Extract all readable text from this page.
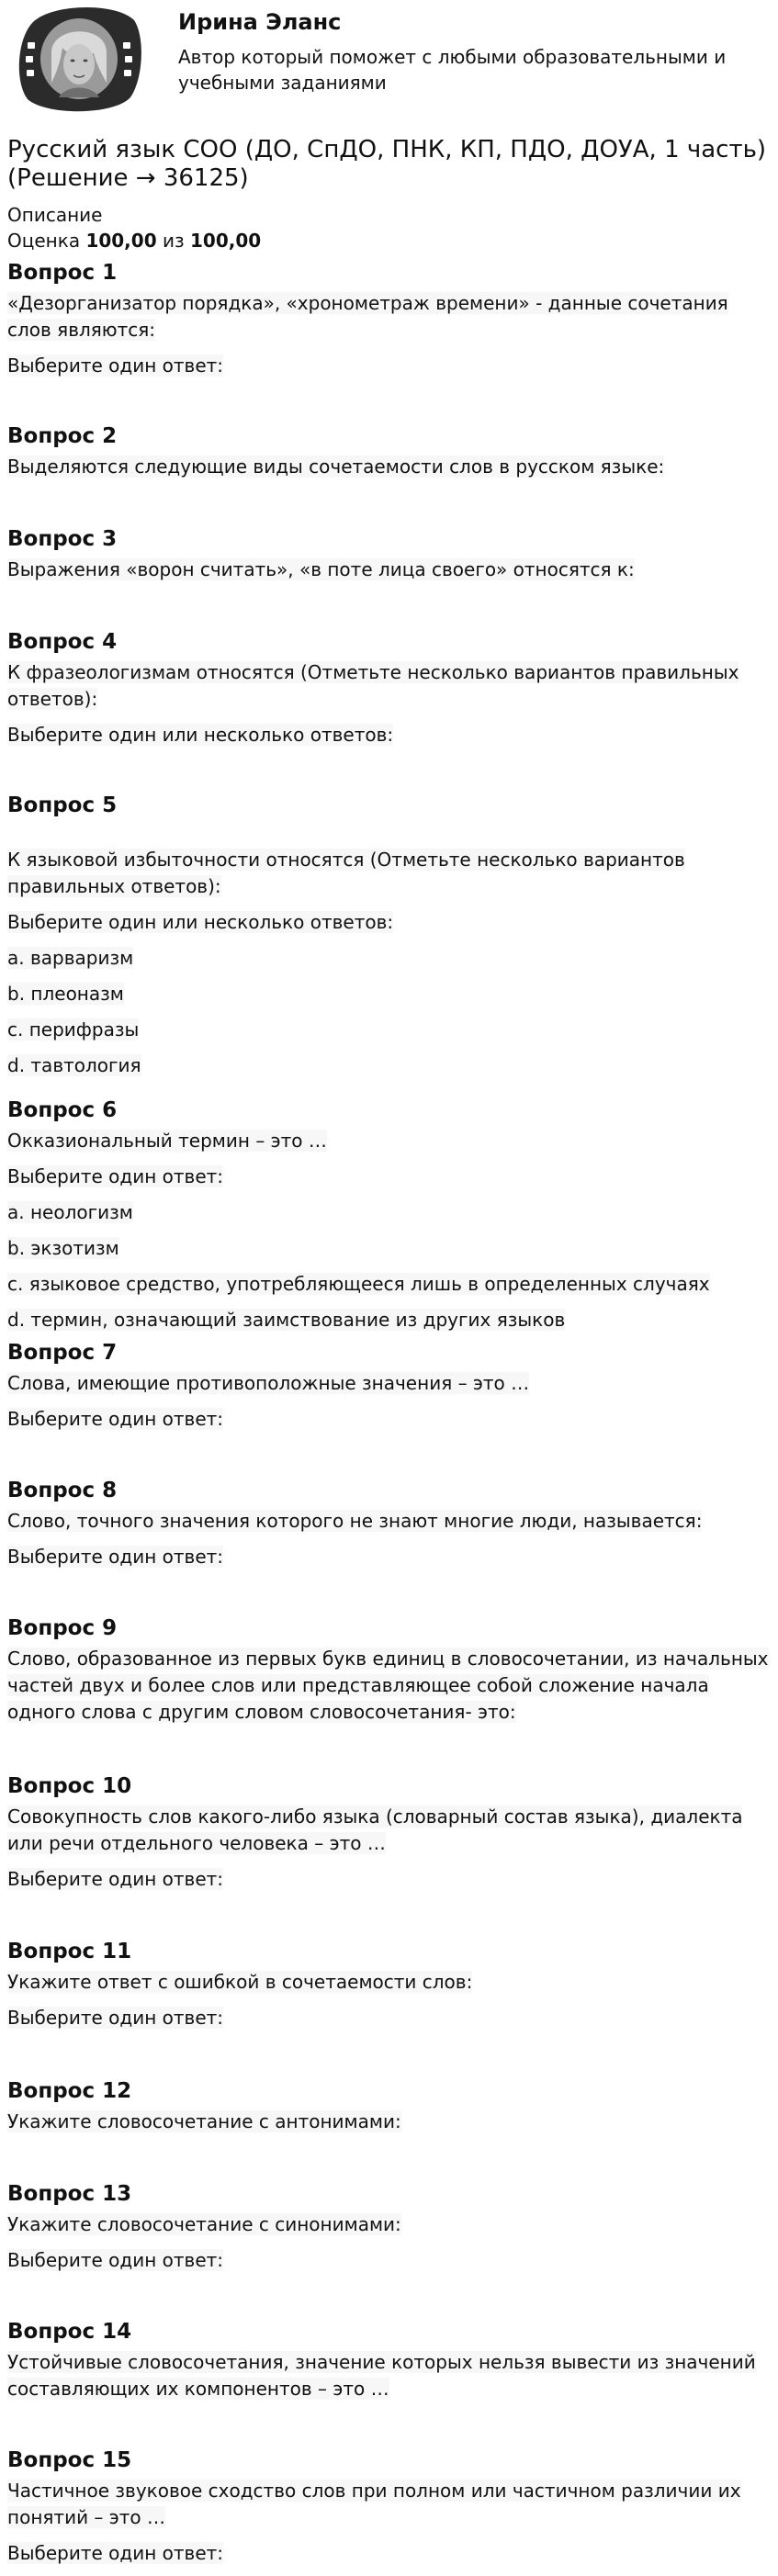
Ирина Эланс

Автор который поможет с любыми образовательными и учебными заданиями

Русский язык СОО (ДО, СпДО, ПНК, КП, ПДО, ДОУА, 1 часть) (Решение → 36125)

Описание

Оценка 100,00 из 100,00

Вопрос 1

«Дезорганизатор порядка», «хронометраж времени» - данные сочетания слов являются:

Выберите один ответ:

Вопрос 2

Выделяются следующие виды сочетаемости слов в русском языке:

Вопрос 3

Выражения «ворон считать», «в поте лица своего» относятся к:

Вопрос 4

К фразеологизмам относятся (Отметьте несколько вариантов правильных ответов):

Выберите один или несколько ответов:

Вопрос 5

К языковой избыточности относятся (Отметьте несколько вариантов правильных ответов):

Выберите один или несколько ответов:

a. варваризм

b. плеоназм

c. перифразы

d. тавтология

Вопрос 6

Окказиональный термин – это …

Выберите один ответ:

a. неологизм

b. экзотизм

c. языковое средство, употребляющееся лишь в определенных случаях

d. термин, означающий заимствование из других языков

Вопрос 7

Слова, имеющие противоположные значения – это …

Выберите один ответ:

Вопрос 8

Слово, точного значения которого не знают многие люди, называется:

Выберите один ответ:

Вопрос 9

Слово, образованное из первых букв единиц в словосочетании, из начальных частей двух и более слов или представляющее собой сложение начала одного слова с другим словом словосочетания- это:

Вопрос 10

Совокупность слов какого-либо языка (словарный состав языка), диалекта или речи отдельного человека – это …

Выберите один ответ:

Вопрос 11

Укажите ответ с ошибкой в сочетаемости слов:

Выберите один ответ:

Вопрос 12

Укажите словосочетание с антонимами:

Вопрос 13

Укажите словосочетание с синонимами:

Выберите один ответ:

Вопрос 14

Устойчивые словосочетания, значение которых нельзя вывести из значений составляющих их компонентов – это …

Вопрос 15

Частичное звуковое сходство слов при полном или частичном различии их понятий – это …

Выберите один ответ:
